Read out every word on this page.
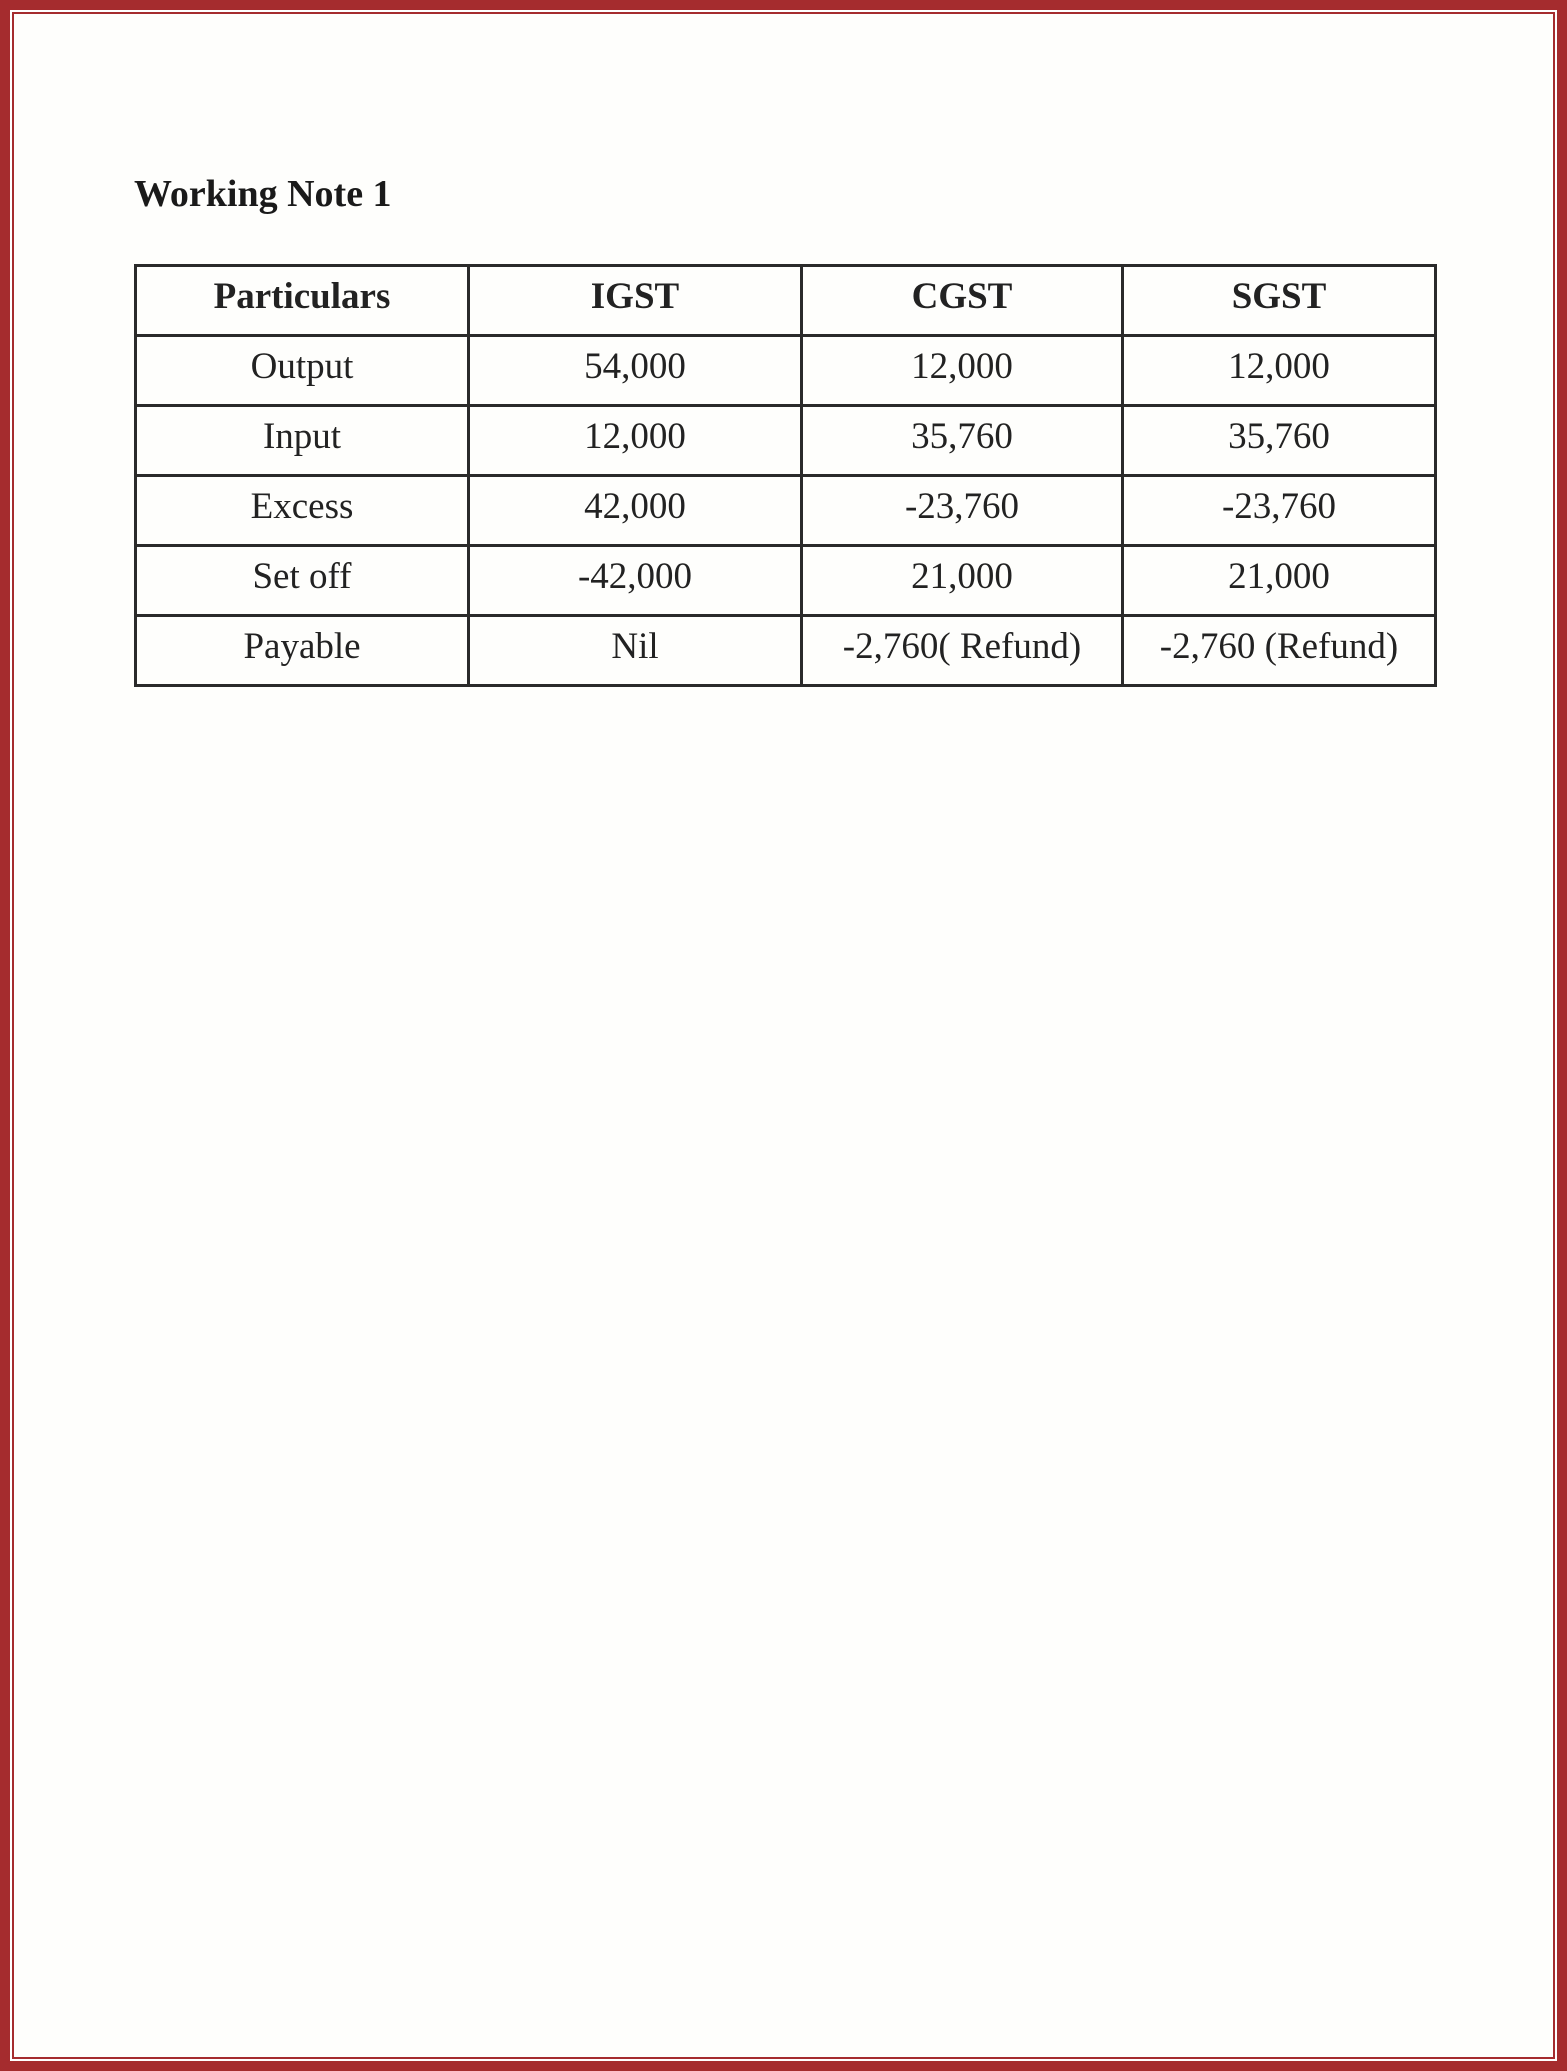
Working Note 1
Particulars	IGST	CGST	SGST
Output	54,000	12,000	12,000
Input	12,000	35,760	35,760
Excess	42,000	-23,760	-23,760
Set off	-42,000	21,000	21,000
Payable	Nil	-2,760( Refund)	-2,760 (Refund)
